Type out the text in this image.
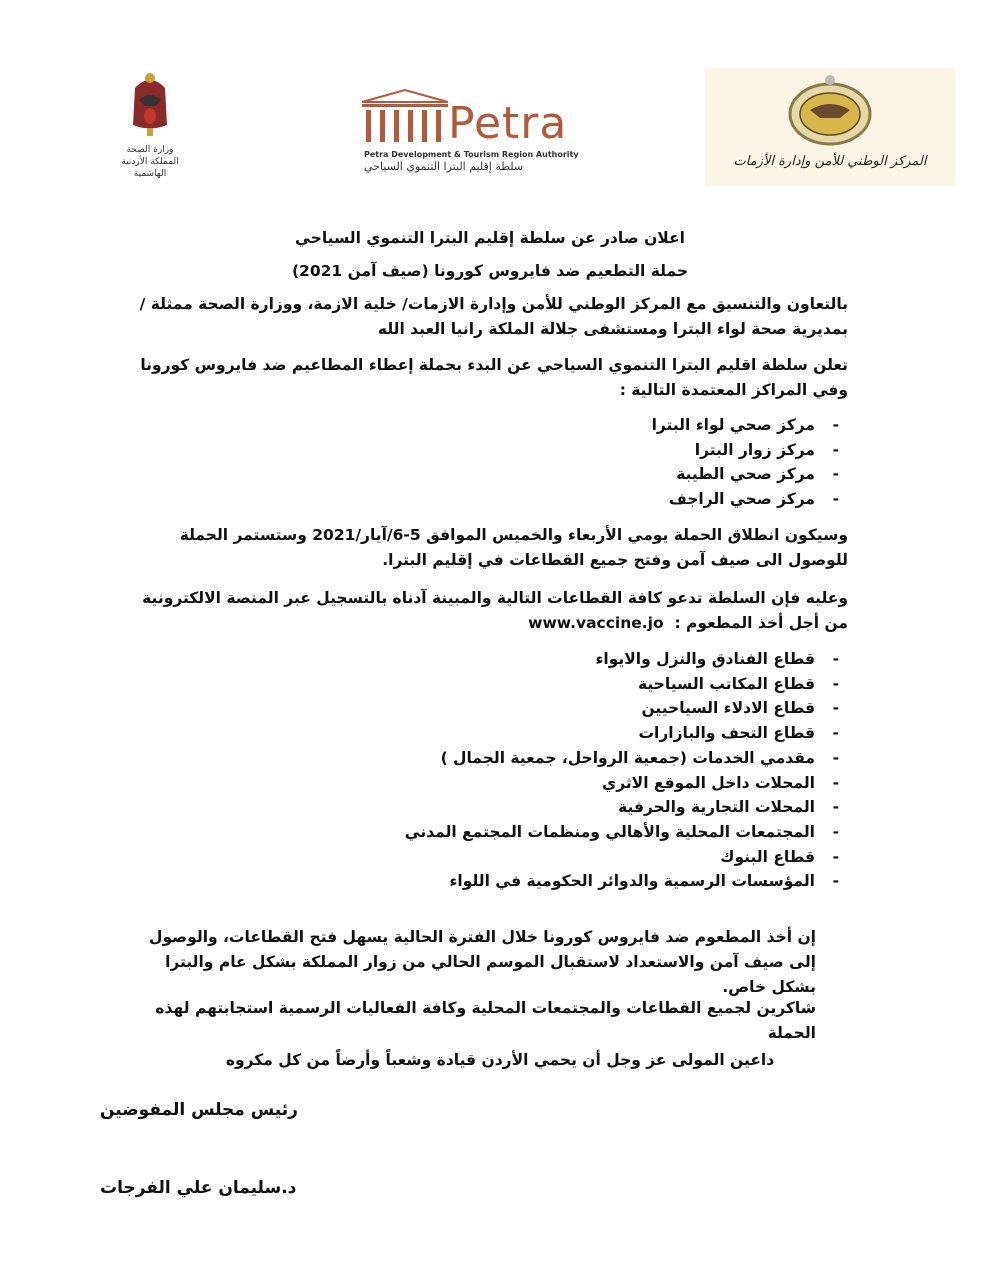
وزارة الصحة
المملكة الأردنية الهاشمية
Petra
Petra Development & Tourism Region Authority
سلطة إقليم البترا التنموي السياحي	المركز الوطني للأمن وإدارة الأزمات
اعلان صادر عن سلطة إقليم البترا التنموي السياحي
حملة التطعيم ضد فايروس كورونا (صيف آمن 2021)
بالتعاون والتنسيق مع المركز الوطني للأمن وإدارة الازمات/ خلية الازمة، ووزارة الصحة ممثلة / بمديرية صحة لواء البترا ومستشفى جلالة الملكة رانيا العبد الله
تعلن سلطة اقليم البترا التنموي السياحي عن البدء بحملة إعطاء المطاعيم ضد فايروس كورونا وفي المراكز المعتمدة التالية :
- مركز صحي لواء البترا
- مركز زوار البترا
- مركز صحي الطيبة
- مركز صحي الراجف
وسيكون انطلاق الحملة يومي الأربعاء والخميس الموافق 5-6/آيار/2021 وستستمر الحملة للوصول الى صيف آمن وفتح جميع القطاعات في إقليم البترا.
وعليه فإن السلطة تدعو كافة القطاعات التالية والمبينة آدناه بالتسجيل عبر المنصة الالكترونية
من أجل أخذ المطعوم :  www.vaccine.jo
- قطاع الفنادق والنزل والايواء
- قطاع المكاتب السياحية
- قطاع الادلاء السياحيين
- قطاع التحف والبازارات
- مقدمي الخدمات (جمعية الرواحل، جمعية الجمال )
- المحلات داخل الموقع الاثري
- المحلات التجارية والحرفية
- المجتمعات المحلية والأهالي ومنظمات المجتمع المدني
- قطاع البنوك
- المؤسسات الرسمية والدوائر الحكومية في اللواء
إن أخذ المطعوم ضد فايروس كورونا خلال الفترة الحالية يسهل فتح القطاعات، والوصول إلى صيف آمن والاستعداد لاستقبال الموسم الحالي من زوار المملكة بشكل عام والبترا بشكل خاص.
شاكرين لجميع القطاعات والمجتمعات المحلية وكافة الفعاليات الرسمية استجابتهم لهذه الحملة
داعين المولى عز وجل أن يحمي الأردن قيادة وشعباً وأرضاً من كل مكروه
رئيس مجلس المفوضين
د.سليمان علي الفرجات
